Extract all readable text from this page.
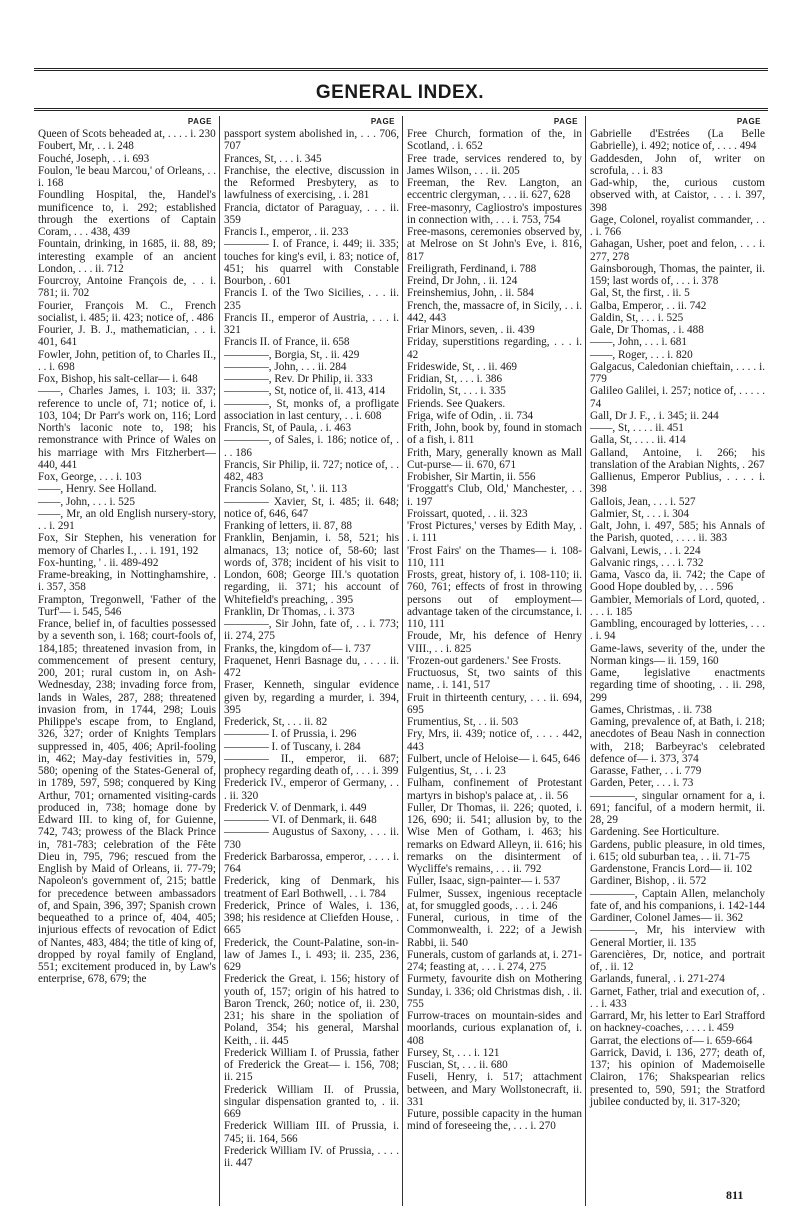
GENERAL INDEX.
PAGE
Queen of Scots beheaded at, . . . . i. 230
Foubert, Mr, . . i. 248
Fouché, Joseph, . . i. 693
Foulon, 'le beau Marcou,' of Orleans, . . i. 168
Foundling Hospital, the, Handel's munificence to, i. 292; established through the exertions of Captain Coram, . . . 438, 439
Fountain, drinking, in 1685, ii. 88, 89; interesting example of an ancient London, . . . ii. 712
Fourcroy, Antoine François de, . . i. 781; ii. 702
Fourier, François M. C., French socialist, i. 485; ii. 423; notice of, . 486
Fourier, J. B. J., mathematician, . . i. 401, 641
Fowler, John, petition of, to Charles II., . . i. 698
Fox, Bishop, his salt-cellar— i. 648
——, Charles James, i. 103; ii. 337; reference to uncle of, 71; notice of, i. 103, 104; Dr Parr's work on, 116; Lord North's laconic note to, 198; his remonstrance with Prince of Wales on his marriage with Mrs Fitzherbert— 440, 441
Fox, George, . . . i. 103
——, Henry. See Holland.
——, John, . . . i. 525
——, Mr, an old English nursery-story, . . i. 291
Fox, Sir Stephen, his veneration for memory of Charles I., . . i. 191, 192
Fox-hunting, ' . ii. 489-492
Frame-breaking, in Nottinghamshire, . i. 357, 358
Frampton, Tregonwell, 'Father of the Turf'— i. 545, 546
France, belief in, of faculties possessed by a seventh son, i. 168; court-fools of, 184,185; threatened invasion from, in commencement of present century, 200, 201; rural custom in, on Ash-Wednesday, 238; invading force from, lands in Wales, 287, 288; threatened invasion from, in 1744, 298; Louis Philippe's escape from, to England, 326, 327; order of Knights Templars suppressed in, 405, 406; April-fooling in, 462; May-day festivities in, 579, 580; opening of the States-General of, in 1789, 597, 598; conquered by King Arthur, 701; ornamented visiting-cards produced in, 738; homage done by Edward III. to king of, for Guienne, 742, 743; prowess of the Black Prince in, 781-783; celebration of the Fête Dieu in, 795, 796; rescued from the English by Maid of Orleans, ii. 77-79; Napoleon's government of, 215; battle for precedence between ambassadors of, and Spain, 396, 397; Spanish crown bequeathed to a prince of, 404, 405; injurious effects of revocation of Edict of Nantes, 483, 484; the title of king of, dropped by royal family of England, 551; excitement produced in, by Law's enterprise, 678, 679; the
PAGE
passport system abolished in, . . . 706, 707
Frances, St, . . . i. 345
Franchise, the elective, discussion in the Reformed Presbytery, as to lawfulness of exercising, . i. 281
Francia, dictator of Paraguay, . . . ii. 359
Francis I., emperor, . ii. 233
———— I. of France, i. 449; ii. 335; touches for king's evil, i. 83; notice of, 451; his quarrel with Constable Bourbon, . 601
Francis I. of the Two Sicilies, . . . ii. 235
Francis II., emperor of Austria, . . . i. 321
Francis II. of France, ii. 658
————, Borgia, St, . ii. 429
————, John, . . . ii. 284
————, Rev. Dr Philip, ii. 333
————, St, notice of, ii. 413, 414
————, St, monks of, a profligate association in last century, . . i. 608
Francis, St, of Paula, . i. 463
————, of Sales, i. 186; notice of, . . . 186
Francis, Sir Philip, ii. 727; notice of, . . 482, 483
Francis Solano, St, '. ii. 113
———— Xavier, St, i. 485; ii. 648; notice of, 646, 647
Franking of letters, ii. 87, 88
Franklin, Benjamin, i. 58, 521; his almanacs, 13; notice of, 58-60; last words of, 378; incident of his visit to London, 608; George III.'s quotation regarding, ii. 371; his account of Whitefield's preaching, . 395
Franklin, Dr Thomas, . i. 373
————, Sir John, fate of, . . i. 773; ii. 274, 275
Franks, the, kingdom of— i. 737
Fraquenet, Henri Basnage du, . . . . ii. 472
Fraser, Kenneth, singular evidence given by, regarding a murder, i. 394, 395
Frederick, St, . . . ii. 82
———— I. of Prussia, i. 296
———— I. of Tuscany, i. 284
———— II., emperor, ii. 687; prophecy regarding death of, . . . i. 399
Frederick IV., emperor of Germany, . . . ii. 320
Frederick V. of Denmark, i. 449
———— VI. of Denmark, ii. 648
———— Augustus of Saxony, . . . ii. 730
Frederick Barbarossa, emperor, . . . . i. 764
Frederick, king of Denmark, his treatment of Earl Bothwell, . . i. 784
Frederick, Prince of Wales, i. 136, 398; his residence at Cliefden House, . 665
Frederick, the Count-Palatine, son-in-law of James I., i. 493; ii. 235, 236, 629
Frederick the Great, i. 156; history of youth of, 157; origin of his hatred to Baron Trenck, 260; notice of, ii. 230, 231; his share in the spoliation of Poland, 354; his general, Marshal Keith, . ii. 445
Frederick William I. of Prussia, father of Frederick the Great— i. 156, 708; ii. 215
Frederick William II. of Prussia, singular dispensation granted to, . ii. 669
Frederick William III. of Prussia, i. 745; ii. 164, 566
Frederick William IV. of Prussia, . . . . ii. 447
PAGE
Free Church, formation of the, in Scotland, . i. 652
Free trade, services rendered to, by James Wilson, . . . ii. 205
Freeman, the Rev. Langton, an eccentric clergyman, . . . ii. 627, 628
Free-masonry, Cagliostro's impostures in connection with, . . . i. 753, 754
Free-masons, ceremonies observed by, at Melrose on St John's Eve, i. 816, 817
Freiligrath, Ferdinand, i. 788
Freind, Dr John, . ii. 124
Freinshemius, John, . ii. 584
French, the, massacre of, in Sicily, . . i. 442, 443
Friar Minors, seven, . ii. 439
Friday, superstitions regarding, . . . i. 42
Frideswide, St, . . ii. 469
Fridian, St, . . . i. 386
Fridolin, St, . . . i. 335
Friends. See Quakers.
Friga, wife of Odin, . ii. 734
Frith, John, book by, found in stomach of a fish, i. 811
Frith, Mary, generally known as Mall Cut-purse— ii. 670, 671
Frobisher, Sir Martin, ii. 556
'Froggatt's Club, Old,' Manchester, . . i. 197
Froissart, quoted, . . ii. 323
'Frost Pictures,' verses by Edith May, . . i. 111
'Frost Fairs' on the Thames— i. 108-110, 111
Frosts, great, history of, i. 108-110; ii. 760, 761; effects of frost in throwing persons out of employment—advantage taken of the circumstance, i. 110, 111
Froude, Mr, his defence of Henry VIII., . . i. 825
'Frozen-out gardeners.' See Frosts.
Fructuosus, St, two saints of this name, . i. 141, 517
Fruit in thirteenth century, . . . ii. 694, 695
Frumentius, St, . . ii. 503
Fry, Mrs, ii. 439; notice of, . . . . 442, 443
Fulbert, uncle of Heloise— i. 645, 646
Fulgentius, St, . . i. 23
Fulham, confinement of Protestant martyrs in bishop's palace at, . ii. 56
Fuller, Dr Thomas, ii. 226; quoted, i. 126, 690; ii. 541; allusion by, to the Wise Men of Gotham, i. 463; his remarks on Edward Alleyn, ii. 616; his remarks on the disinterment of Wycliffe's remains, . . . ii. 792
Fuller, Isaac, sign-painter— i. 537
Fulmer, Sussex, ingenious receptacle at, for smuggled goods, . . . i. 246
Funeral, curious, in time of the Commonwealth, i. 222; of a Jewish Rabbi, ii. 540
Funerals, custom of garlands at, i. 271-274; feasting at, . . . i. 274, 275
Furmety, favourite dish on Mothering Sunday, i. 336; old Christmas dish, . ii. 755
Furrow-traces on mountain-sides and moorlands, curious explanation of, i. 408
Fursey, St, . . . i. 121
Fuscian, St, . . . ii. 680
Fuseli, Henry, i. 517; attachment between, and Mary Wollstonecraft, ii. 331
Future, possible capacity in the human mind of foreseeing the, . . . i. 270
PAGE
Gabrielle d'Estrées (La Belle Gabrielle), i. 492; notice of, . . . . 494
Gaddesden, John of, writer on scrofula, . . i. 83
Gad-whip, the, curious custom observed with, at Caistor, . . . i. 397, 398
Gage, Colonel, royalist commander, . . . i. 766
Gahagan, Usher, poet and felon, . . . i. 277, 278
Gainsborough, Thomas, the painter, ii. 159; last words of, . . . i. 378
Gal, St, the first, . ii. 5
Galba, Emperor, . . ii. 742
Galdin, St, . . . i. 525
Gale, Dr Thomas, . i. 488
——, John, . . . i. 681
——, Roger, . . . i. 820
Galgacus, Caledonian chieftain, . . . . i. 779
Galileo Galilei, i. 257; notice of, . . . . . 74
Gall, Dr J. F., . i. 345; ii. 244
——, St, . . . . ii. 451
Galla, St, . . . . ii. 414
Galland, Antoine, i. 266; his translation of the Arabian Nights, . 267
Gallienus, Emperor Publius, . . . . i. 398
Gallois, Jean, . . . i. 527
Galmier, St, . . . i. 304
Galt, John, i. 497, 585; his Annals of the Parish, quoted, . . . . ii. 383
Galvani, Lewis, . . i. 224
Galvanic rings, . . . i. 732
Gama, Vasco da, ii. 742; the Cape of Good Hope doubled by, . . . 596
Gambier, Memorials of Lord, quoted, . . . . i. 185
Gambling, encouraged by lotteries, . . . . i. 94
Game-laws, severity of the, under the Norman kings— ii. 159, 160
Game, legislative enactments regarding time of shooting, . . ii. 298, 299
Games, Christmas, . ii. 738
Gaming, prevalence of, at Bath, i. 218; anecdotes of Beau Nash in connection with, 218; Barbeyrac's celebrated defence of— i. 373, 374
Garasse, Father, . . i. 779
Garden, Peter, . . . i. 73
————, singular ornament for a, i. 691; fanciful, of a modern hermit, ii. 28, 29
Gardening. See Horticulture.
Gardens, public pleasure, in old times, i. 615; old suburban tea, . . ii. 71-75
Gardenstone, Francis Lord— ii. 102
Gardiner, Bishop, . ii. 572
————, Captain Allen, melancholy fate of, and his companions, i. 142-144
Gardiner, Colonel James— ii. 362
————, Mr, his interview with General Mortier, ii. 135
Garencières, Dr, notice, and portrait of, . ii. 12
Garlands, funeral, . i. 271-274
Garnet, Father, trial and execution of, . . . i. 433
Garrard, Mr, his letter to Earl Strafford on hackney-coaches, . . . . i. 459
Garrat, the elections of— i. 659-664
Garrick, David, i. 136, 277; death of, 137; his opinion of Mademoiselle Clairon, 176; Shakspearian relics presented to, 590, 591; the Stratford jubilee conducted by, ii. 317-320;
811
